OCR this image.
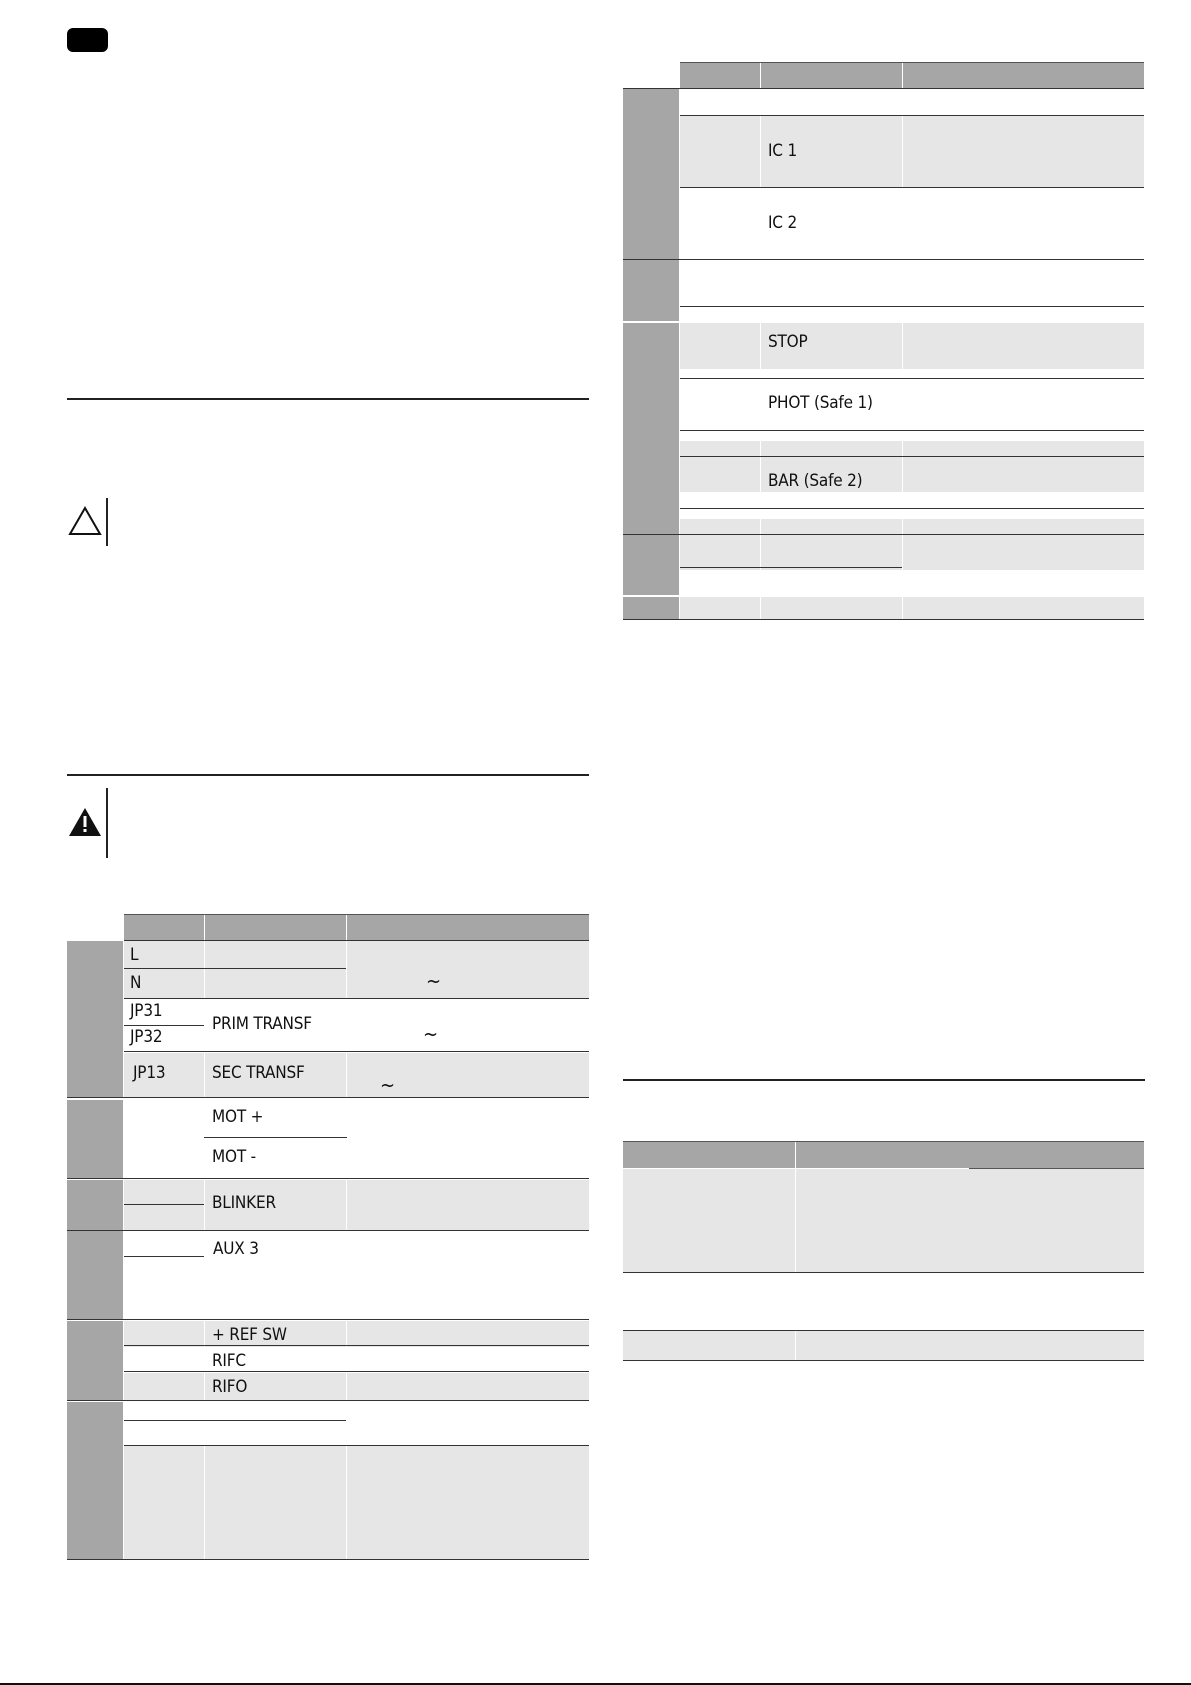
L
N
JP31
JP32
PRIM TRANSF
JP13	SEC TRANSF
MOT +
MOT -
BLINKER
AUX 3
+ REF SW
RIFC
RIFO
~
~
~
IC 1
IC 2
STOP
PHOT (Safe 1)
BAR (Safe 2)
